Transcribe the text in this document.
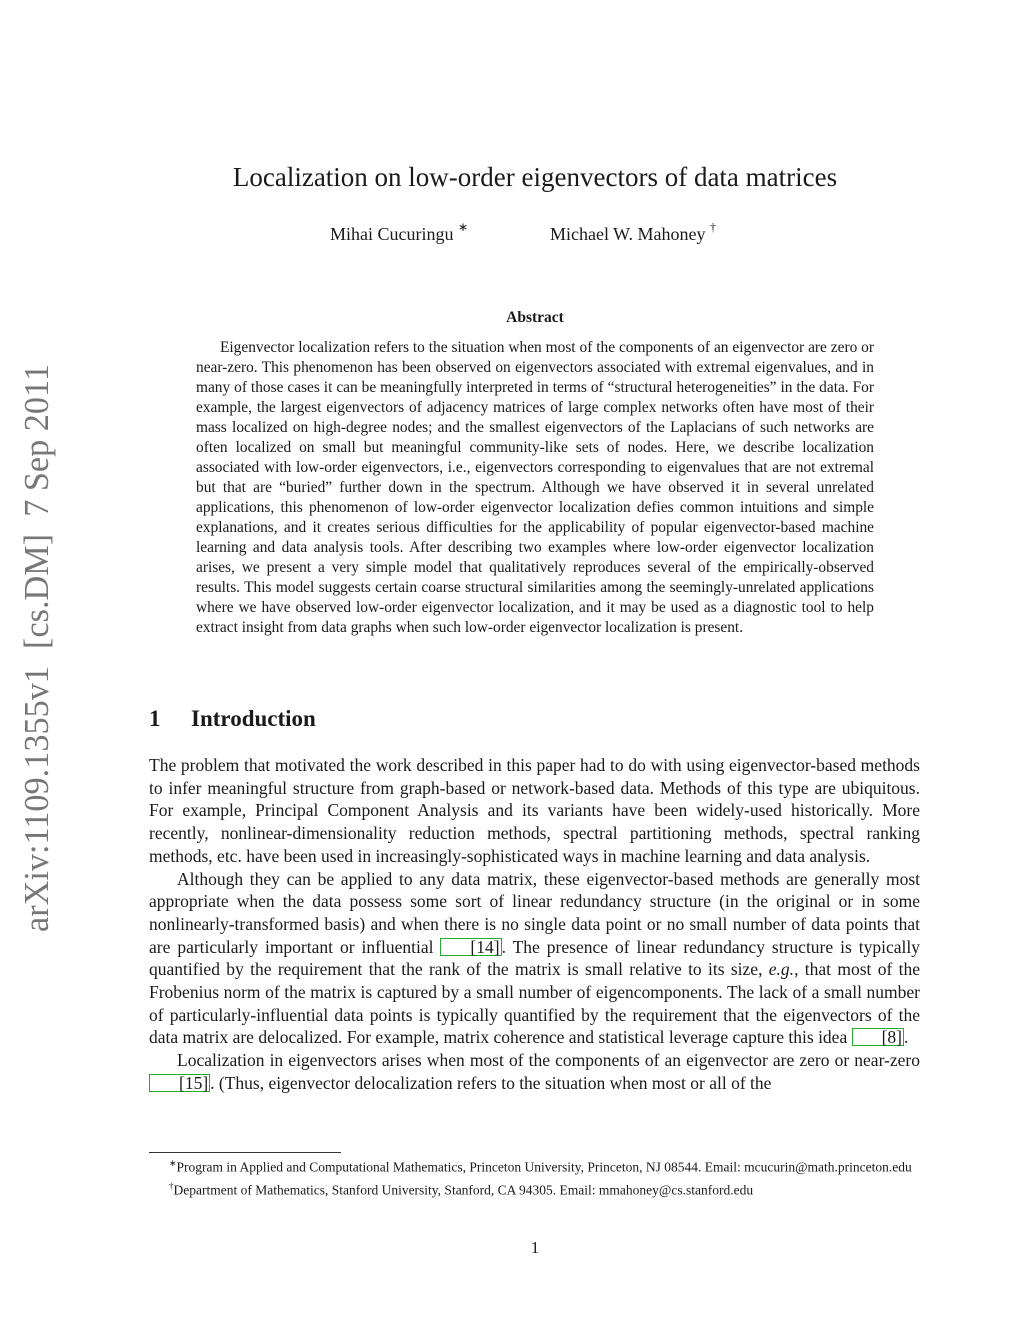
arXiv:1109.1355v1  [cs.DM]  7 Sep 2011
Localization on low-order eigenvectors of data matrices
Mihai Cucuringu ∗	Michael W. Mahoney †
Abstract
Eigenvector localization refers to the situation when most of the components of an eigenvector are zero or near-zero. This phenomenon has been observed on eigenvectors associated with extremal eigenvalues, and in many of those cases it can be meaningfully interpreted in terms of “structural heterogeneities” in the data. For example, the largest eigenvectors of adjacency matrices of large complex networks often have most of their mass localized on high-degree nodes; and the smallest eigenvectors of the Laplacians of such networks are often localized on small but meaningful community-like sets of nodes. Here, we describe localization associated with low-order eigenvectors, i.e., eigenvectors corresponding to eigenvalues that are not extremal but that are “buried” further down in the spectrum. Although we have observed it in several unrelated applications, this phenomenon of low-order eigenvector localization defies common intuitions and simple explanations, and it creates serious difficulties for the applicability of popular eigenvector-based machine learning and data analysis tools. After describing two examples where low-order eigenvector localization arises, we present a very simple model that qualitatively reproduces several of the empirically-observed results. This model suggests certain coarse structural similarities among the seemingly-unrelated applications where we have observed low-order eigenvector localization, and it may be used as a diagnostic tool to help extract insight from data graphs when such low-order eigenvector localization is present.
1 Introduction

The problem that motivated the work described in this paper had to do with using eigenvector-based methods to infer meaningful structure from graph-based or network-based data. Methods of this type are ubiquitous. For example, Principal Component Analysis and its variants have been widely-used historically. More recently, nonlinear-dimensionality reduction methods, spectral partitioning methods, spectral ranking methods, etc. have been used in increasingly-sophisticated ways in machine learning and data analysis.

Although they can be applied to any data matrix, these eigenvector-based methods are generally most appropriate when the data possess some sort of linear redundancy structure (in the original or in some nonlinearly-transformed basis) and when there is no single data point or no small number of data points that are particularly important or influential [14] . The presence of linear redundancy structure is typically quantified by the requirement that the rank of the matrix is small relative to its size, e.g., that most of the Frobenius norm of the matrix is captured by a small number of eigencomponents. The lack of a small number of particularly-influential data points is typically quantified by the requirement that the eigenvectors of the data matrix are delocalized. For example, matrix coherence and statistical leverage capture this idea [8] .

Localization in eigenvectors arises when most of the components of an eigenvector are zero or near-zero [15] . (Thus, eigenvector delocalization refers to the situation when most or all of the

∗Program in Applied and Computational Mathematics, Princeton University, Princeton, NJ 08544. Email: mcucurin@math.princeton.edu

†Department of Mathematics, Stanford University, Stanford, CA 94305. Email: mmahoney@cs.stanford.edu

1
